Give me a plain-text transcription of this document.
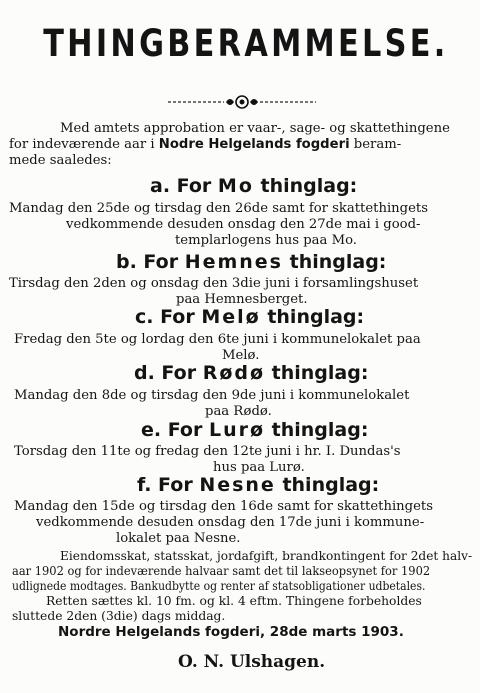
THINGBERAMMELSE.
Med amtets approbation er vaar-, sage- og skattethingene
for indeværende aar i Nodre Helgelands fogderi beram-
mede saaledes:
a. For Mo thinglag:
Mandag den 25de og tirsdag den 26de samt for skattethingets
vedkommende desuden onsdag den 27de mai i good-
templarlogens hus paa Mo.
b. For Hemnes thinglag:
Tirsdag den 2den og onsdag den 3die juni i forsamlingshuset
paa Hemnesberget.
c. For Melø thinglag:
Fredag den 5te og lordag den 6te juni i kommunelokalet paa
Melø.
d. For Rødø thinglag:
Mandag den 8de og tirsdag den 9de juni i kommunelokalet
paa Rødø.
e. For Lurø thinglag:
Torsdag den 11te og fredag den 12te juni i hr. I. Dundas's
hus paa Lurø.
f. For Nesne thinglag:
Mandag den 15de og tirsdag den 16de samt for skattethingets
vedkommende desuden onsdag den 17de juni i kommune-
lokalet paa Nesne.
Eiendomsskat, statsskat, jordafgift, brandkontingent for 2det halv-
aar 1902 og for indeværende halvaar samt det til lakseopsynet for 1902
udlignede modtages. Bankudbytte og renter af statsobligationer udbetales.
Retten sættes kl. 10 fm. og kl. 4 eftm. Thingene forbeholdes
sluttede 2den (3die) dags middag.
Nordre Helgelands fogderi, 28de marts 1903.
O. N. Ulshagen.
